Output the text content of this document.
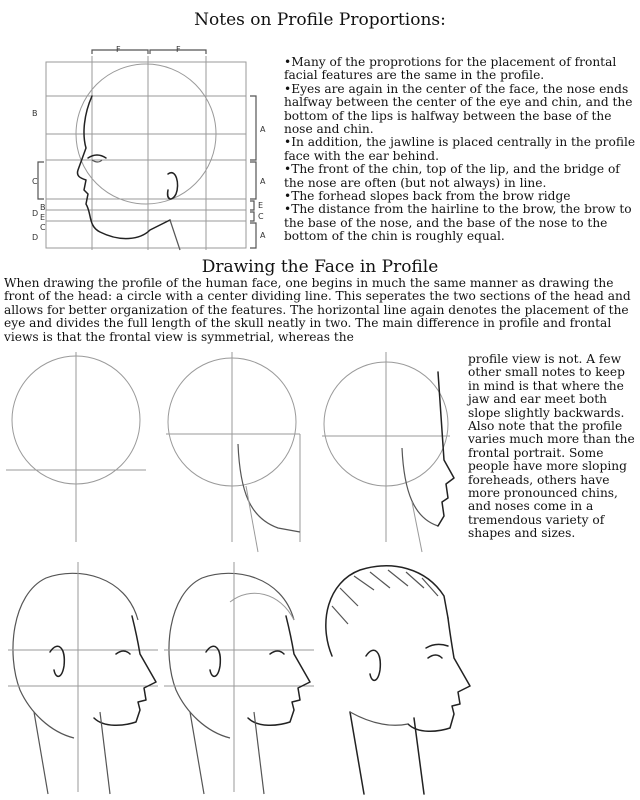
Notes on Profile Proportions:
F	F
A
A
E
C
A
B
C
D
B
E
C
D
• Many of the proprotions for the placement of frontal facial features are the same in the profile.
• Eyes are again in the center of the face, the nose ends halfway between the center of the eye and chin, and the bottom of the lips is halfway between the base of the nose and chin.
• In addition, the jawline is placed centrally in the profile face with the ear behind.
• The front of the chin, top of the lip, and the bridge of the nose are often (but not always) in line.
• The forhead slopes back from the brow ridge
• The distance from the hairline to the brow, the brow to the base of the nose, and the base of the nose to the bottom of the chin is roughly equal.
Drawing the Face in Profile

When drawing the profile of the human face, one begins in much the same manner as drawing the front of the head: a circle with a center dividing line. This seperates the two sections of the head and allows for better organization of the features. The horizontal line again denotes the placement of the eye and divides the full length of the skull neatly in two. The main difference in profile and frontal views is that the frontal view is symmetrial, whereas the

profile view is not. A few other small notes to keep in mind is that where the jaw and ear meet both slope slightly backwards. Also note that the profile varies much more than the frontal portrait. Some people have more sloping foreheads, others have more pronounced chins, and noses come in a tremendous variety of shapes and sizes.
